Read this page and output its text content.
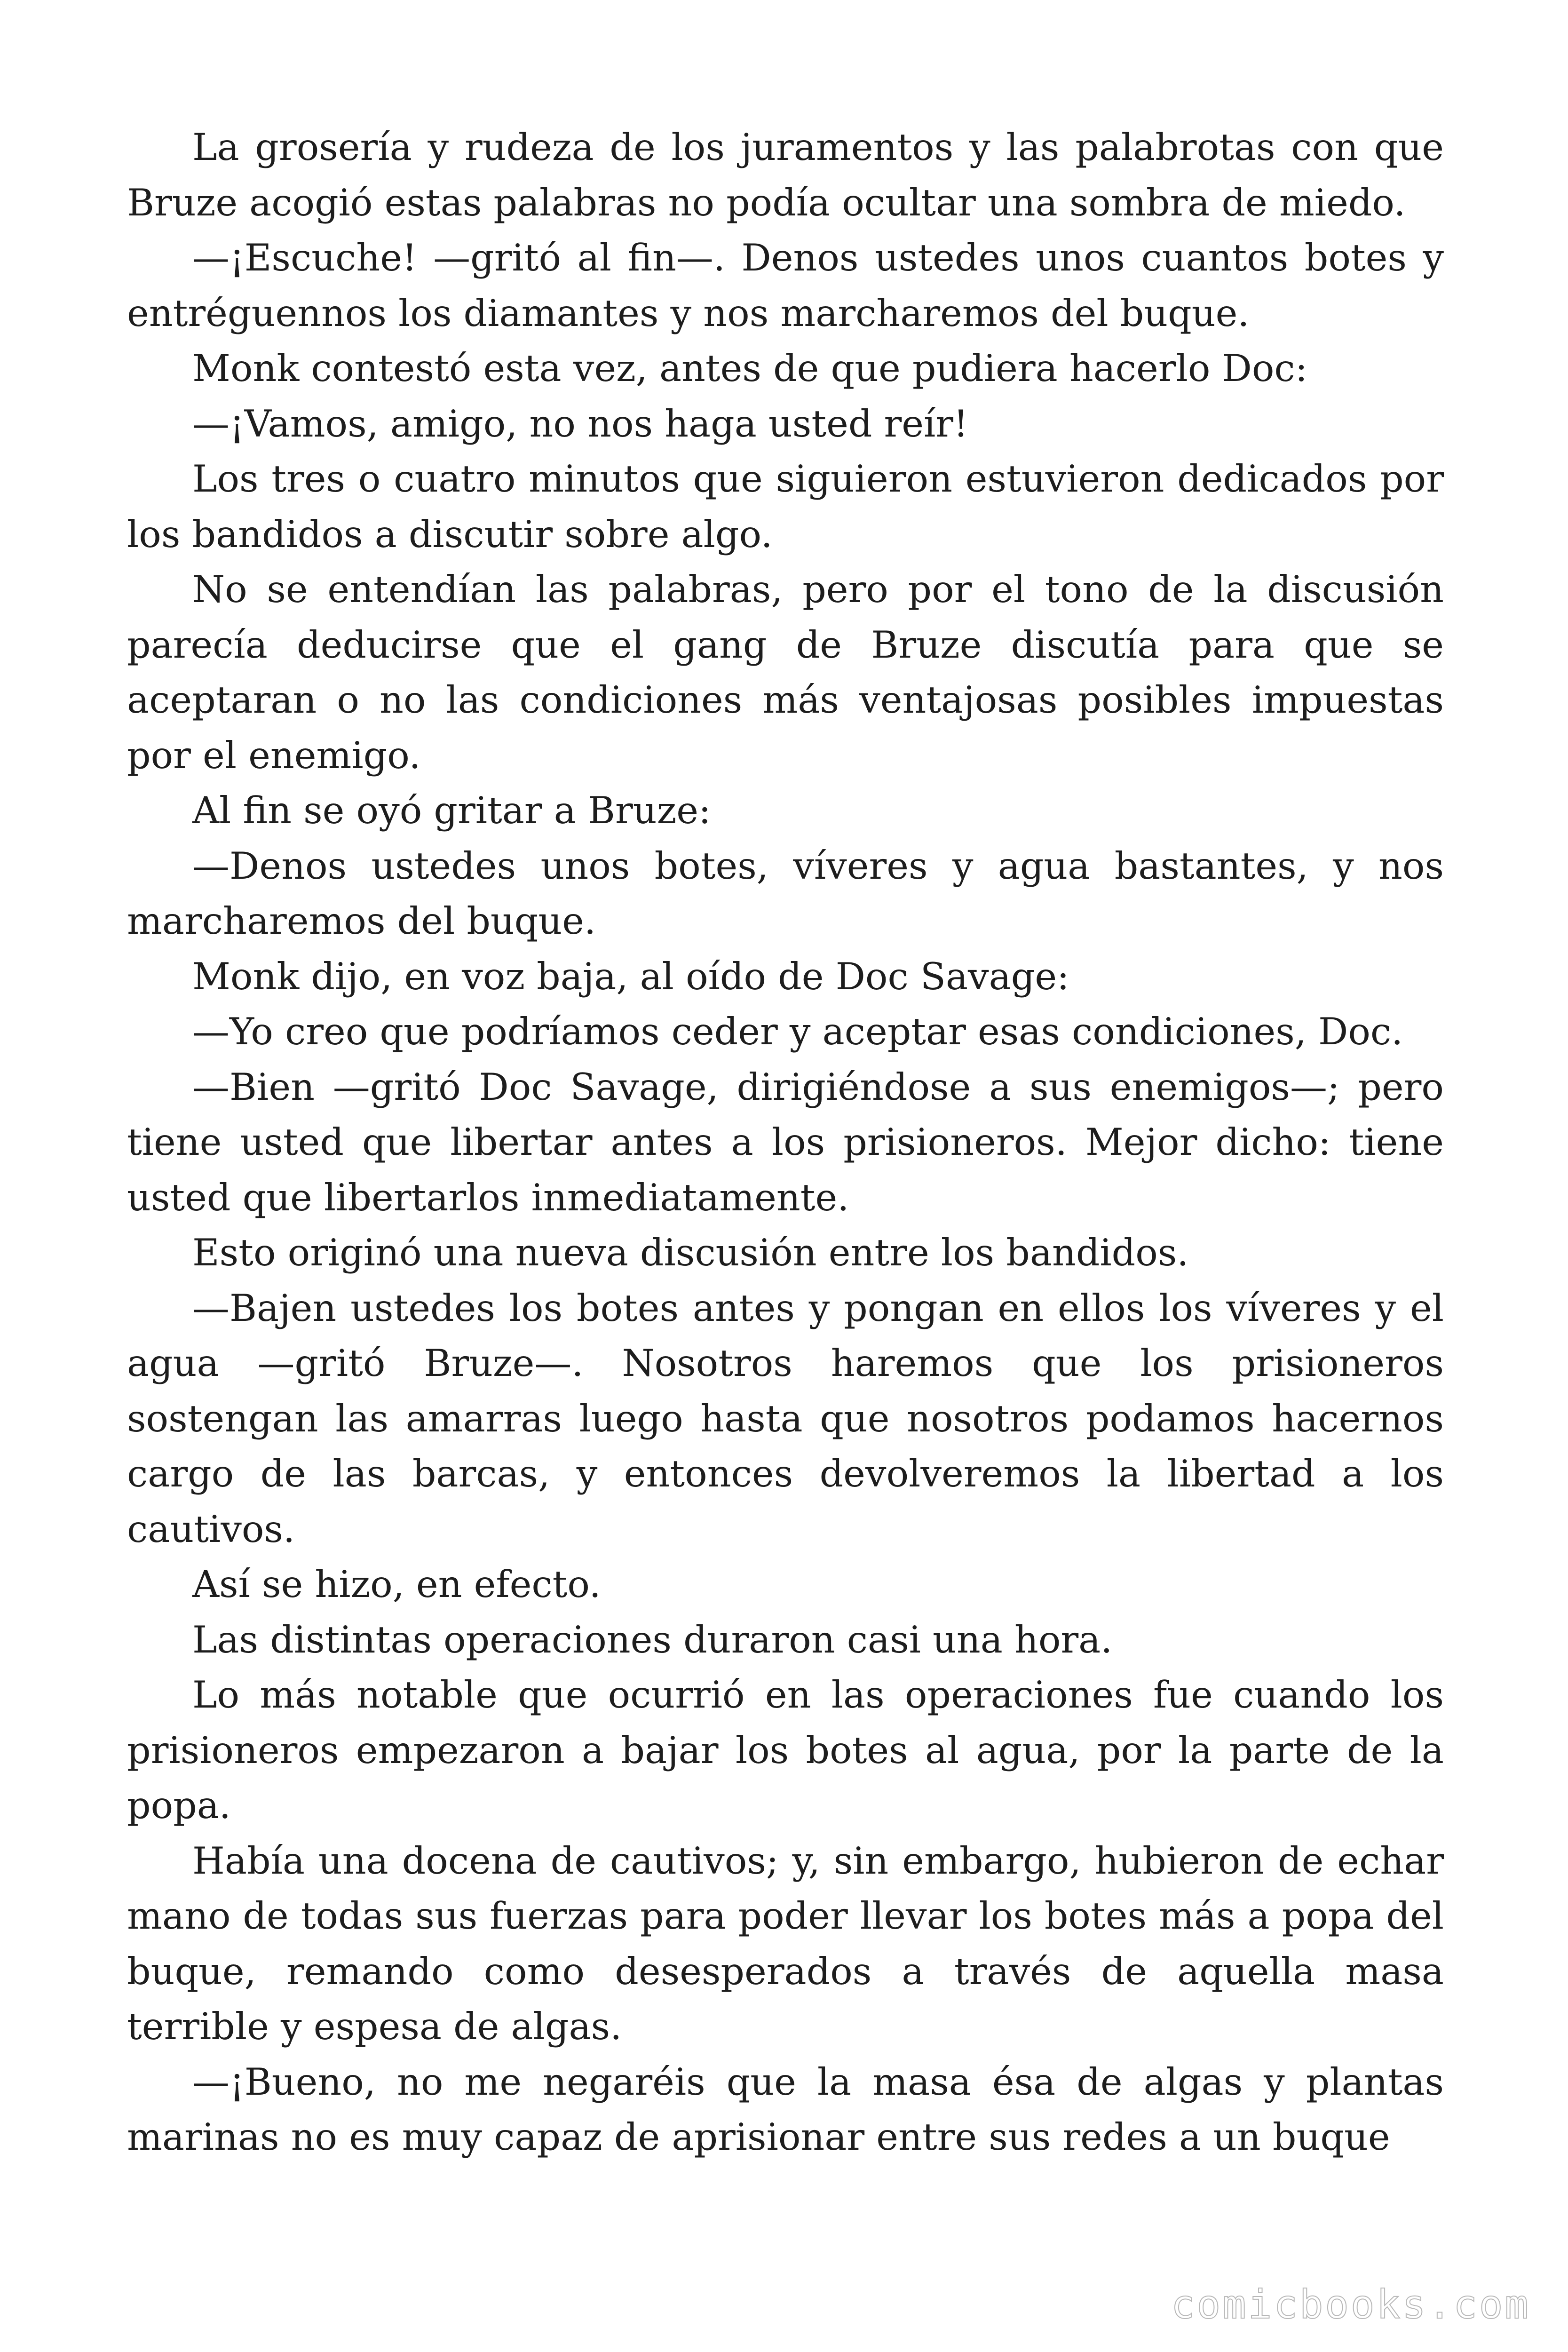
La grosería y rudeza de los juramentos y las palabrotas con que Bruze acogió estas palabras no podía ocultar una sombra de miedo.

—¡Escuche! —gritó al fin—. Denos ustedes unos cuantos botes y entréguennos los diamantes y nos marcharemos del buque.

Monk contestó esta vez, antes de que pudiera hacerlo Doc:

—¡Vamos, amigo, no nos haga usted reír!

Los tres o cuatro minutos que siguieron estuvieron dedicados por los bandidos a discutir sobre algo.

No se entendían las palabras, pero por el tono de la discusión parecía deducirse que el gang de Bruze discutía para que se aceptaran o no las condiciones más ventajosas posibles impuestas por el enemigo.

Al fin se oyó gritar a Bruze:

—Denos ustedes unos botes, víveres y agua bastantes, y nos marcharemos del buque.

Monk dijo, en voz baja, al oído de Doc Savage:

—Yo creo que podríamos ceder y aceptar esas condiciones, Doc.

—Bien —gritó Doc Savage, dirigiéndose a sus enemigos—; pero tiene usted que libertar antes a los prisioneros. Mejor dicho: tiene usted que libertarlos inmediatamente.

Esto originó una nueva discusión entre los bandidos.

—Bajen ustedes los botes antes y pongan en ellos los víveres y el agua —gritó Bruze—. Nosotros haremos que los prisioneros sostengan las amarras luego hasta que nosotros podamos hacernos cargo de las barcas, y entonces devolveremos la libertad a los cautivos.

Así se hizo, en efecto.

Las distintas operaciones duraron casi una hora.

Lo más notable que ocurrió en las operaciones fue cuando los prisioneros empezaron a bajar los botes al agua, por la parte de la popa.

Había una docena de cautivos; y, sin embargo, hubieron de echar mano de todas sus fuerzas para poder llevar los botes más a popa del buque, remando como desesperados a través de aquella masa terrible y espesa de algas.

—¡Bueno, no me negaréis que la masa ésa de algas y plantas marinas no es muy capaz de aprisionar entre sus redes a un buque

comicbooks.com
